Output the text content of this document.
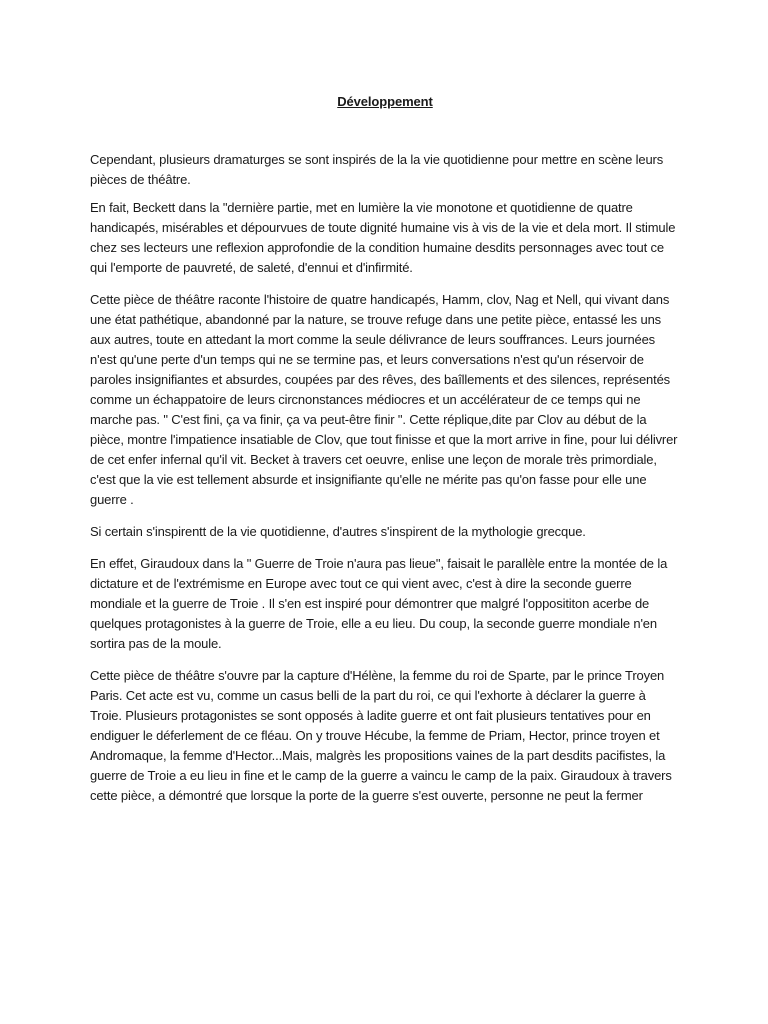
Développement

Cependant, plusieurs dramaturges se sont inspirés de la la vie quotidienne pour mettre en scène leurs pièces de théâtre.

En fait, Beckett dans la "dernière partie, met en lumière la vie monotone et quotidienne de quatre handicapés, misérables et dépourvues de toute dignité humaine vis à vis de la vie et dela mort. Il stimule chez ses lecteurs une reflexion approfondie de la condition humaine desdits personnages avec tout ce qui l'emporte de pauvreté, de saleté, d'ennui et d'infirmité.

Cette pièce de théâtre raconte l'histoire de quatre handicapés, Hamm, clov, Nag et Nell, qui vivant dans une état pathétique, abandonné par la nature, se trouve refuge dans une petite pièce, entassé les uns aux autres, toute en attedant la mort comme la seule délivrance de leurs souffrances. Leurs journées n'est qu'une perte d'un temps qui ne se termine pas, et leurs conversations n'est qu'un réservoir de paroles insignifiantes et absurdes, coupées par des rêves, des baîllements et des silences, représentés comme un échappatoire de leurs circnonstances médiocres et un accélérateur de ce temps qui ne marche pas. " C'est fini, ça va finir, ça va peut-être finir ". Cette réplique,dite par Clov au début de la pièce, montre l'impatience insatiable de Clov, que tout finisse et que la mort arrive in fine, pour lui délivrer de cet enfer infernal qu'il vit. Becket à travers cet oeuvre, enlise une leçon de morale très primordiale, c'est que la vie est tellement absurde et insignifiante qu'elle ne mérite pas qu'on fasse pour elle une guerre .

Si certain s'inspirentt de la vie quotidienne, d'autres s'inspirent de la mythologie grecque.

En effet, Giraudoux dans la " Guerre de Troie n'aura pas lieue", faisait le parallèle entre la montée de la dictature et de l'extrémisme en Europe avec tout ce qui vient avec, c'est à dire la seconde guerre mondiale et la guerre de Troie . Il s'en est inspiré pour démontrer que malgré l'opposititon acerbe de quelques protagonistes à la guerre de Troie, elle a eu lieu. Du coup, la seconde guerre mondiale n'en sortira pas de la moule.

Cette pièce de théâtre s'ouvre par la capture d'Hélène, la femme du roi de Sparte, par le prince Troyen Paris. Cet acte est vu, comme un casus belli de la part du roi, ce qui l'exhorte à déclarer la guerre à Troie. Plusieurs protagonistes se sont opposés à ladite guerre et ont fait plusieurs tentatives pour en endiguer le déferlement de ce fléau. On y trouve Hécube, la femme de Priam, Hector, prince troyen et Andromaque, la femme d'Hector...Mais, malgrès les propositions vaines de la part desdits pacifistes, la guerre de Troie a eu lieu in fine et le camp de la guerre a vaincu le camp de la paix. Giraudoux à travers cette pièce, a démontré que lorsque la porte de la guerre s'est ouverte, personne ne peut la fermer
